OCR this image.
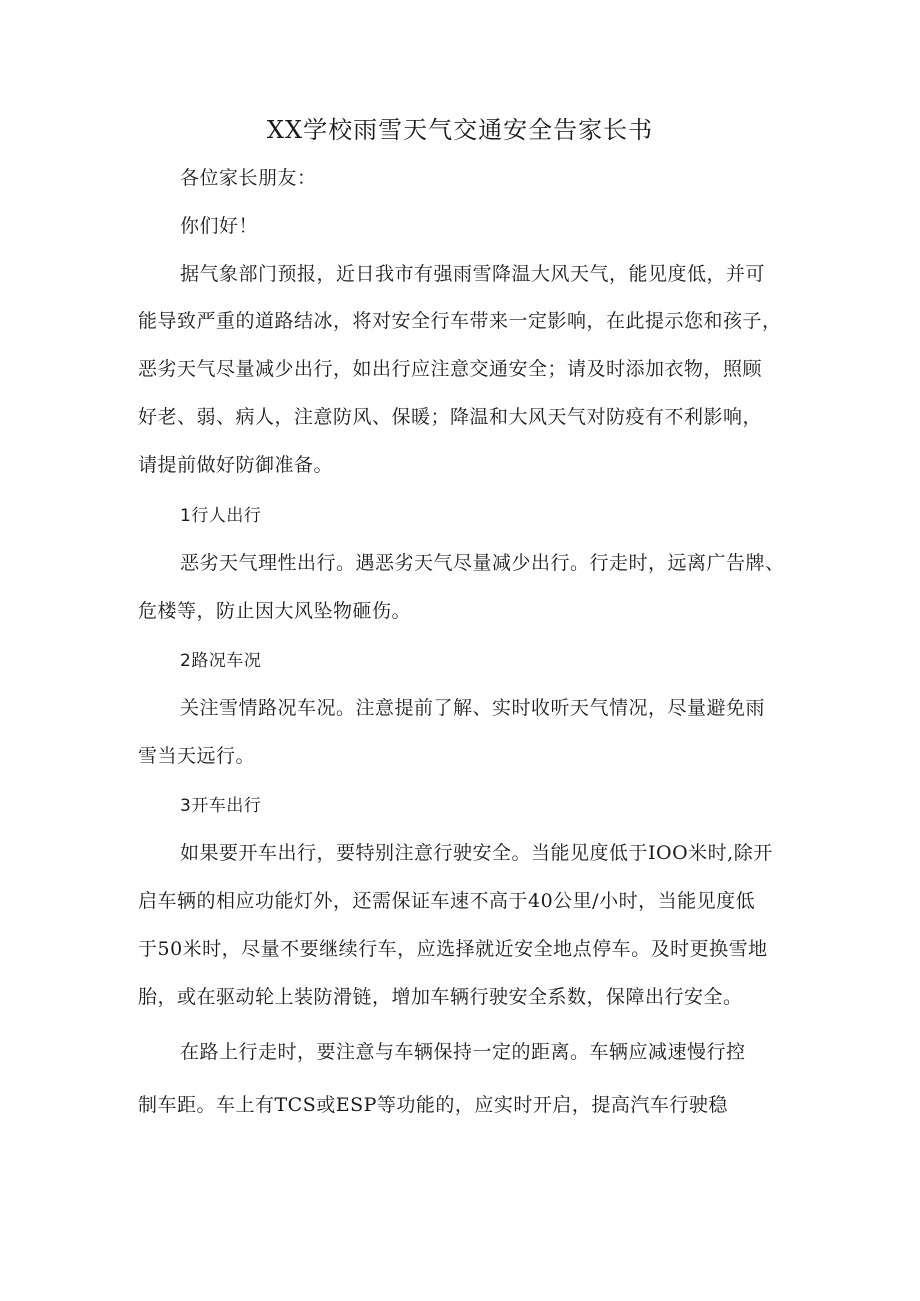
XX学校雨雪天气交通安全告家长书
各位家长朋友：
你们好！
据气象部门预报，近日我市有强雨雪降温大风天气，能见度低，并可
能导致严重的道路结冰，将对安全行车带来一定影响，在此提示您和孩子，
恶劣天气尽量减少出行，如出行应注意交通安全；请及时添加衣物，照顾
好老、弱、病人，注意防风、保暖；降温和大风天气对防疫有不利影响，
请提前做好防御准备。
1行人出行
恶劣天气理性出行。遇恶劣天气尽量减少出行。行走时，远离广告牌、
危楼等，防止因大风坠物砸伤。
2路况车况
关注雪情路况车况。注意提前了解、实时收听天气情况，尽量避免雨
雪当天远行。
3开车出行
如果要开车出行，要特别注意行驶安全。当能见度低于IOO米时,除开
启车辆的相应功能灯外，还需保证车速不高于40公里/小时，当能见度低
于50米时，尽量不要继续行车，应选择就近安全地点停车。及时更换雪地
胎，或在驱动轮上装防滑链，增加车辆行驶安全系数，保障出行安全。
在路上行走时，要注意与车辆保持一定的距离。车辆应减速慢行控
制车距。车上有TCS或ESP等功能的，应实时开启，提高汽车行驶稳
